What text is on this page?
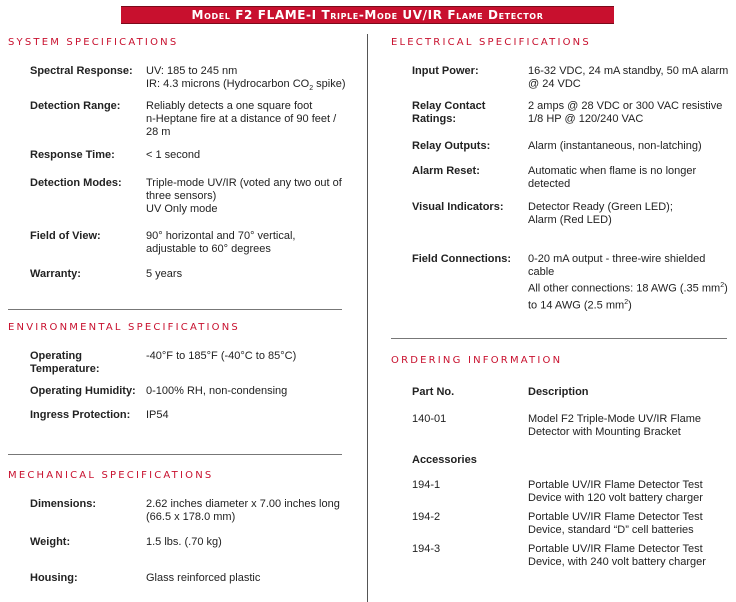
Model F2 FLAME-I Triple-Mode UV/IR Flame Detector
SYSTEM SPECIFICATIONS
Spectral Response: UV: 185 to 245 nm
IR: 4.3 microns (Hydrocarbon $CO_2$ spike)
Detection Range: Reliably detects a one square foot
n-Heptane fire at a distance of 90 feet /
28 m
Response Time:	< 1 second
Detection Modes: Triple-mode UV/IR (voted any two out of
three sensors)
UV Only mode
Field of View:	90° horizontal and 70° vertical,
adjustable to 60° degrees
Warranty:	5 years
ENVIRONMENTAL SPECIFICATIONS
Operating
Temperature:
-40°F to 185°F (-40°C to 85°C)
Operating Humidity: 0-100% RH, non-condensing
Ingress Protection: IP54
MECHANICAL SPECIFICATIONS
Dimensions:	2.62 inches diameter x 7.00 inches long
(66.5 x 178.0 mm)
Weight:	1.5 lbs. (.70 kg)
Housing:	Glass reinforced plastic
ELECTRICAL SPECIFICATIONS
Input Power:	16-32 VDC, 24 mA standby, 50 mA alarm
@ 24 VDC
Relay Contact
Ratings:
2 amps @ 28 VDC or 300 VAC resistive
1/8 HP @ 120/240 VAC
Relay Outputs:	Alarm (instantaneous, non-latching)
Alarm Reset:	Automatic when flame is no longer
detected
Visual Indicators: Detector Ready (Green LED);
Alarm (Red LED)
Field Connections: 0-20 mA output - three-wire shielded
cable
All other connections: 18 AWG (.35 $mm^2$)
to 14 AWG (2.5 $mm^2$)
ORDERING INFORMATION
Part No.	Description
140-01	Model F2 Triple-Mode UV/IR Flame
Detector with Mounting Bracket
Accessories
194-1	Portable UV/IR Flame Detector Test
Device with 120 volt battery charger
194-2	Portable UV/IR Flame Detector Test
Device, standard “D” cell batteries
194-3	Portable UV/IR Flame Detector Test
Device, with 240 volt battery charger
